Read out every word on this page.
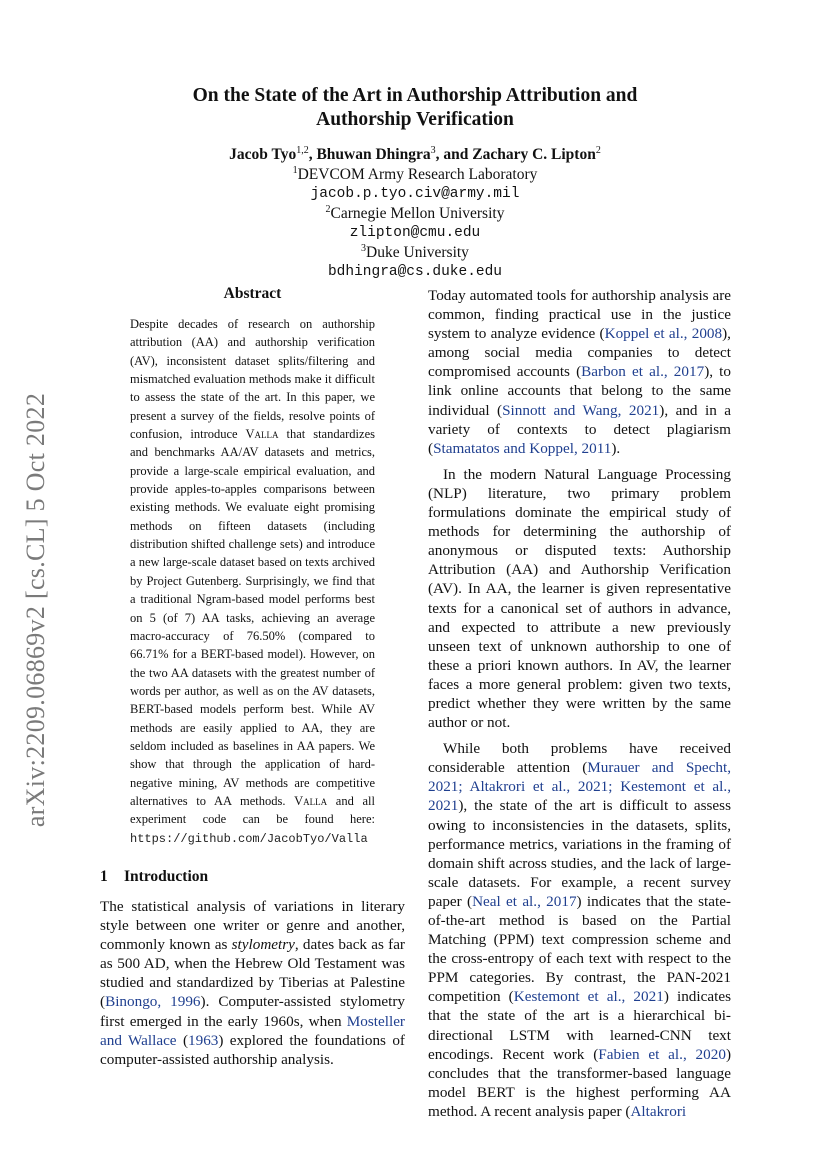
arXiv:2209.06869v2 [cs.CL] 5 Oct 2022
On the State of the Art in Authorship Attribution and
Authorship Verification
Jacob Tyo$^{1,2}$, Bhuwan Dhingra$^3$, and Zachary C. Lipton$^2$
$^1$DEVCOM Army Research Laboratory
jacob.p.tyo.civ@army.mil
$^2$Carnegie Mellon University
zlipton@cmu.edu
$^3$Duke University
bdhingra@cs.duke.edu
Abstract
Despite decades of research on authorship attribution (AA) and authorship verification (AV), inconsistent dataset splits/filtering and mismatched evaluation methods make it difficult to assess the state of the art. In this paper, we present a survey of the fields, resolve points of confusion, introduce Valla that standardizes and benchmarks AA/AV datasets and metrics, provide a large-scale empirical evaluation, and provide apples-to-apples comparisons between existing methods. We evaluate eight promising methods on fifteen datasets (including distribution shifted challenge sets) and introduce a new large-scale dataset based on texts archived by Project Gutenberg. Surprisingly, we find that a traditional Ngram-based model performs best on 5 (of 7) AA tasks, achieving an average macro-accuracy of 76.50% (compared to 66.71% for a BERT-based model). However, on the two AA datasets with the greatest number of words per author, as well as on the AV datasets, BERT-based models perform best. While AV methods are easily applied to AA, they are seldom included as baselines in AA papers. We show that through the application of hard-negative mining, AV methods are competitive alternatives to AA methods. Valla and all experiment code can be found here: https://github.com/JacobTyo/Valla
1 Introduction

The statistical analysis of variations in literary style between one writer or genre and another, commonly known as stylometry, dates back as far as 500 AD, when the Hebrew Old Testament was studied and standardized by Tiberias at Palestine (Binongo, 1996). Computer-assisted stylometry first emerged in the early 1960s, when Mosteller and Wallace (1963) explored the foundations of computer-assisted authorship analysis.

Today automated tools for authorship analysis are common, finding practical use in the justice system to analyze evidence (Koppel et al., 2008), among social media companies to detect compromised accounts (Barbon et al., 2017), to link online accounts that belong to the same individual (Sinnott and Wang, 2021), and in a variety of contexts to detect plagiarism (Stamatatos and Koppel, 2011).

In the modern Natural Language Processing (NLP) literature, two primary problem formulations dominate the empirical study of methods for determining the authorship of anonymous or disputed texts: Authorship Attribution (AA) and Authorship Verification (AV). In AA, the learner is given representative texts for a canonical set of authors in advance, and expected to attribute a new previously unseen text of unknown authorship to one of these a priori known authors. In AV, the learner faces a more general problem: given two texts, predict whether they were written by the same author or not.

While both problems have received considerable attention (Murauer and Specht, 2021; Altakrori et al., 2021; Kestemont et al., 2021), the state of the art is difficult to assess owing to inconsistencies in the datasets, splits, performance metrics, variations in the framing of domain shift across studies, and the lack of large-scale datasets. For example, a recent survey paper (Neal et al., 2017) indicates that the state-of-the-art method is based on the Partial Matching (PPM) text compression scheme and the cross-entropy of each text with respect to the PPM categories. By contrast, the PAN-2021 competition (Kestemont et al., 2021) indicates that the state of the art is a hierarchical bi-directional LSTM with learned-CNN text encodings. Recent work (Fabien et al., 2020) concludes that the transformer-based language model BERT is the highest performing AA method. A recent analysis paper (Altakrori
